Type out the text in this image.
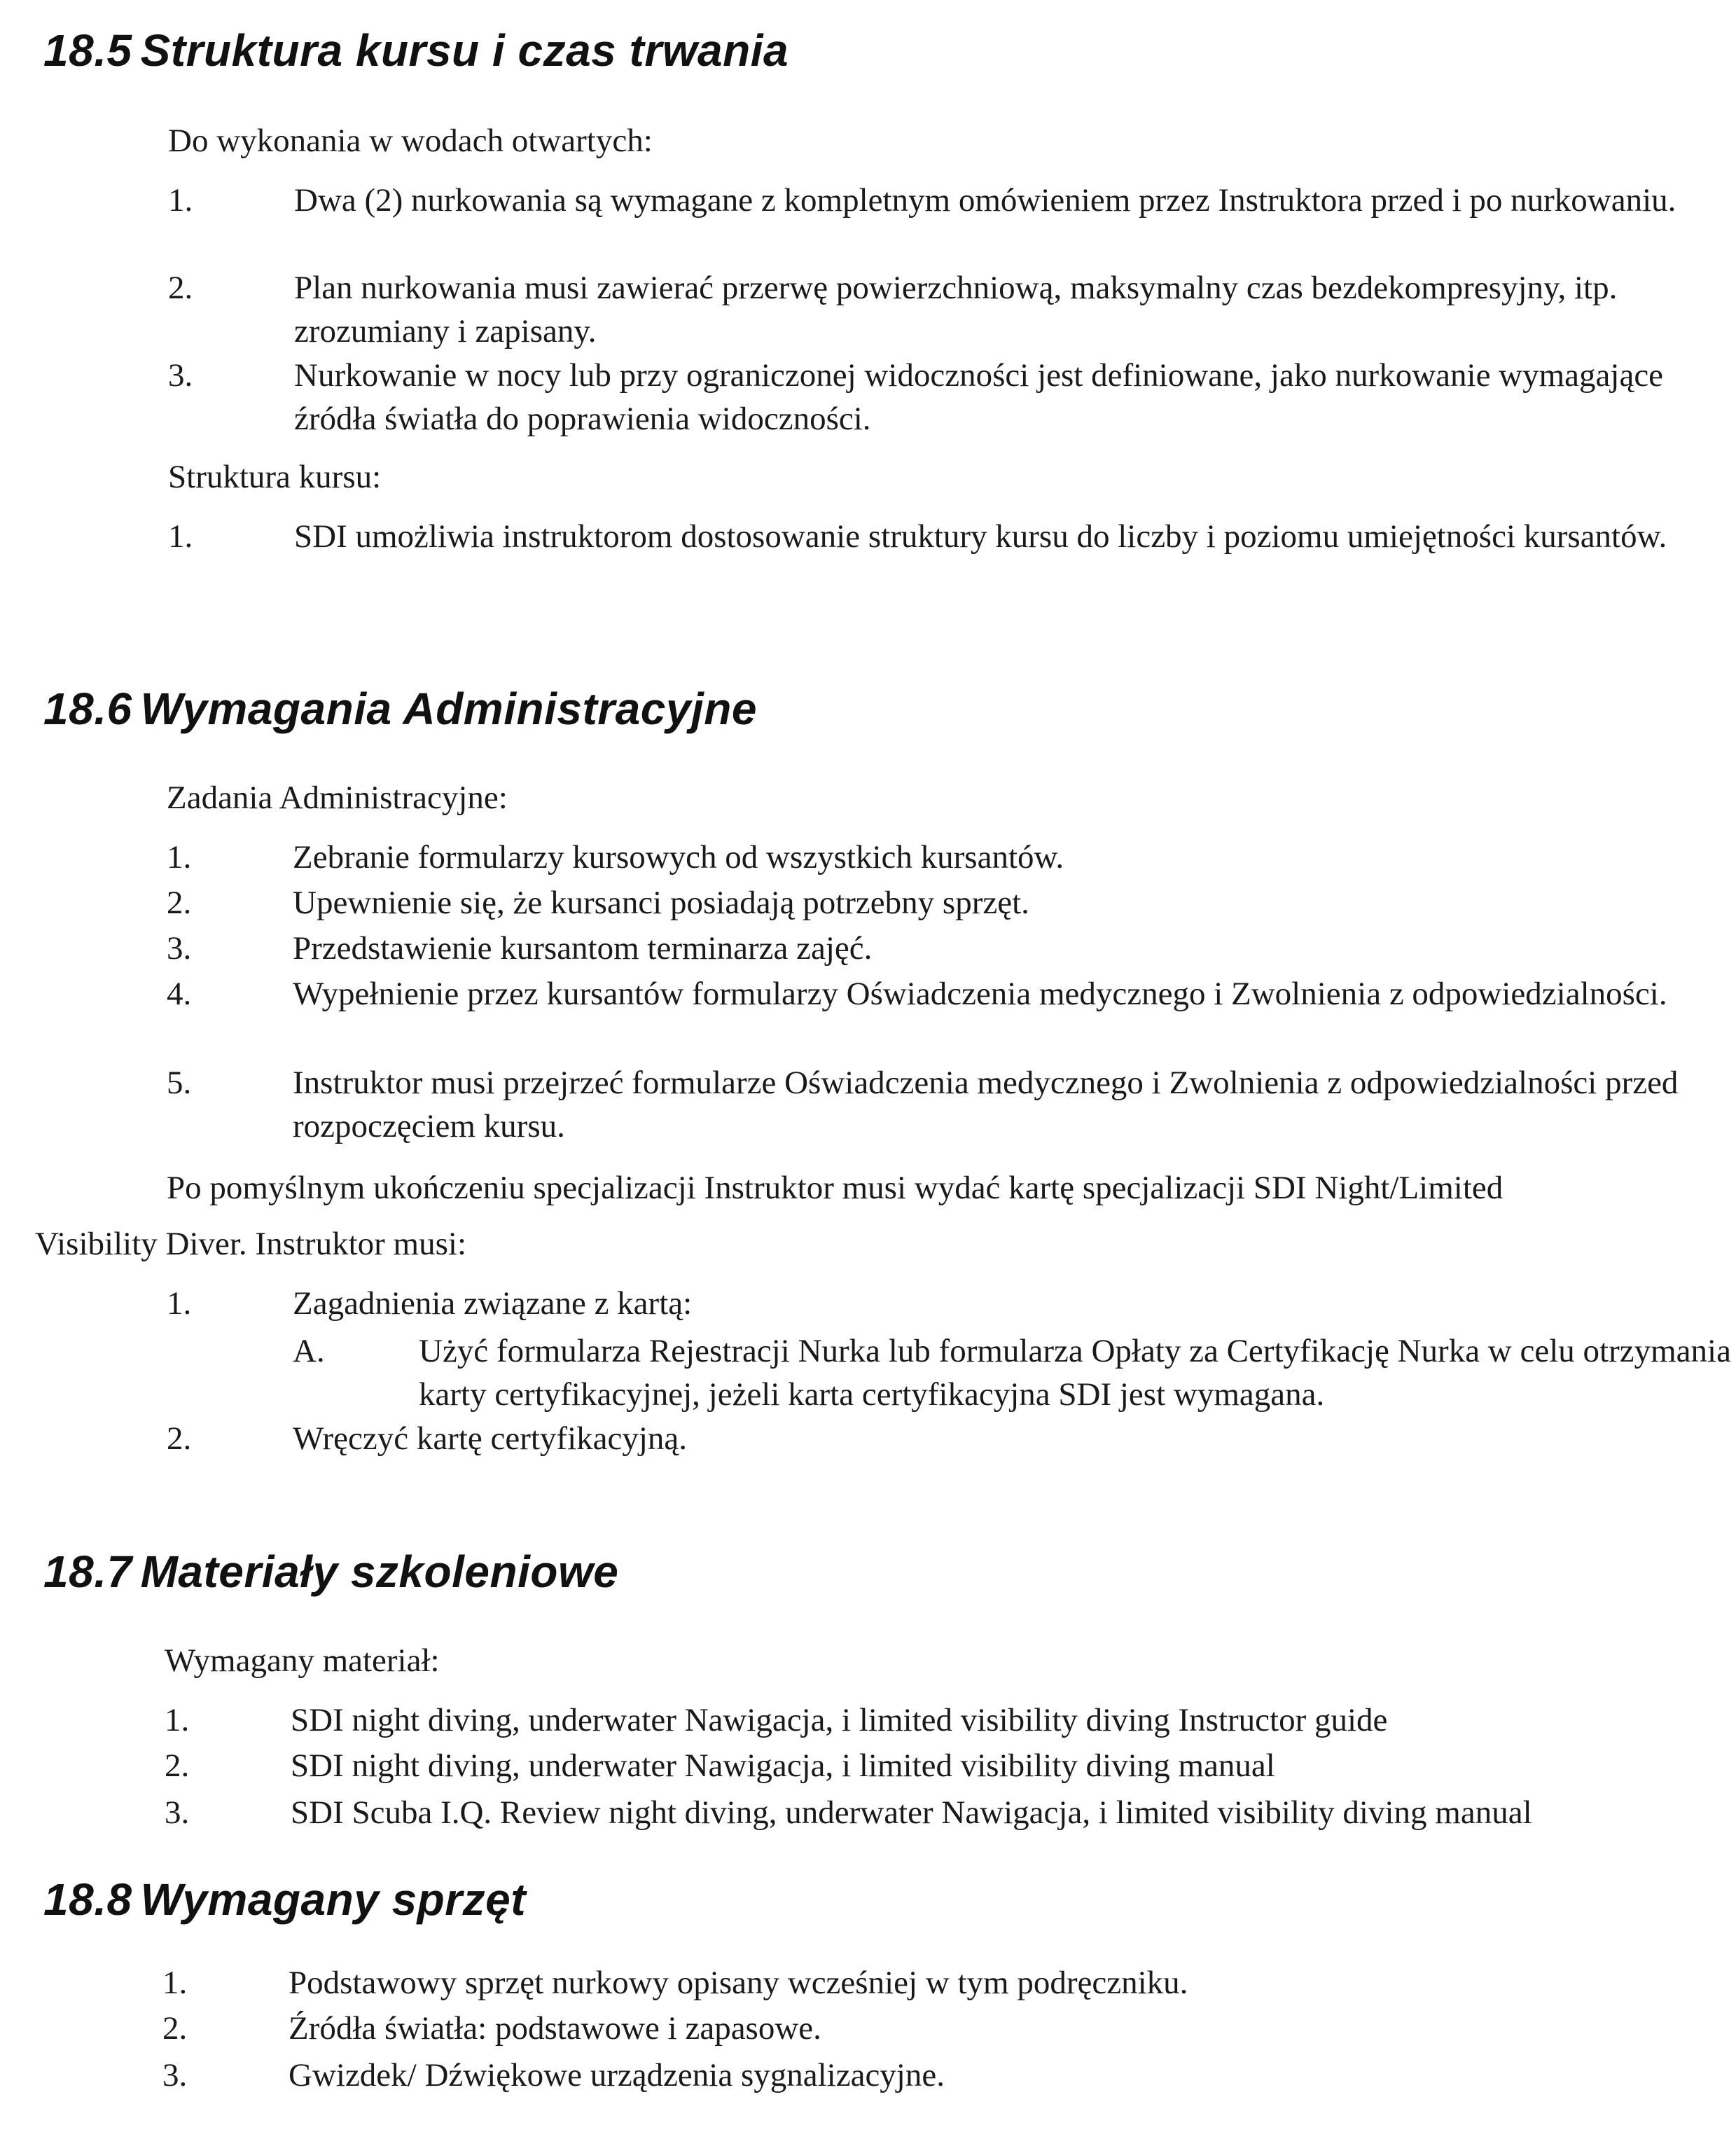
18.5 Struktura kursu i czas trwania
Do wykonania w wodach otwartych:
1.	Dwa (2) nurkowania są wymagane z kompletnym omówieniem przez Instruktora przed i po nurkowaniu.
2.	Plan nurkowania musi zawierać przerwę powierzchniową, maksymalny czas bezdekompresyjny, itp. zrozumiany i zapisany.
3.	Nurkowanie w nocy lub przy ograniczonej widoczności jest definiowane, jako nurkowanie wymagające źródła światła do poprawienia widoczności.
Struktura kursu:
1.	SDI umożliwia instruktorom dostosowanie struktury kursu do liczby i poziomu umiejętności kursantów.
18.6 Wymagania Administracyjne
Zadania Administracyjne:
1.	Zebranie formularzy kursowych od wszystkich kursantów.
2.	Upewnienie się, że kursanci posiadają potrzebny sprzęt.
3.	Przedstawienie kursantom terminarza zajęć.
4.	Wypełnienie przez kursantów formularzy Oświadczenia medycznego i Zwolnienia z odpowiedzialności.
5.	Instruktor musi przejrzeć formularze Oświadczenia medycznego i Zwolnienia z odpowiedzialności przed rozpoczęciem kursu.
Po pomyślnym ukończeniu specjalizacji Instruktor musi wydać kartę specjalizacji SDI Night/Limited
Visibility Diver. Instruktor musi:
1.	Zagadnienia związane z kartą:
A.	Użyć formularza Rejestracji Nurka lub formularza Opłaty za Certyfikację Nurka w celu otrzymania karty certyfikacyjnej, jeżeli karta certyfikacyjna SDI jest wymagana.
2.	Wręczyć kartę certyfikacyjną.
18.7 Materiały szkoleniowe
Wymagany materiał:
1.	SDI night diving, underwater Nawigacja, i limited visibility diving Instructor guide
2.	SDI night diving, underwater Nawigacja, i limited visibility diving manual
3.	SDI Scuba I.Q. Review night diving, underwater Nawigacja, i limited visibility diving manual
18.8 Wymagany sprzęt
1.	Podstawowy sprzęt nurkowy opisany wcześniej w tym podręczniku.
2.	Źródła światła: podstawowe i zapasowe.
3.	Gwizdek/ Dźwiękowe urządzenia sygnalizacyjne.
